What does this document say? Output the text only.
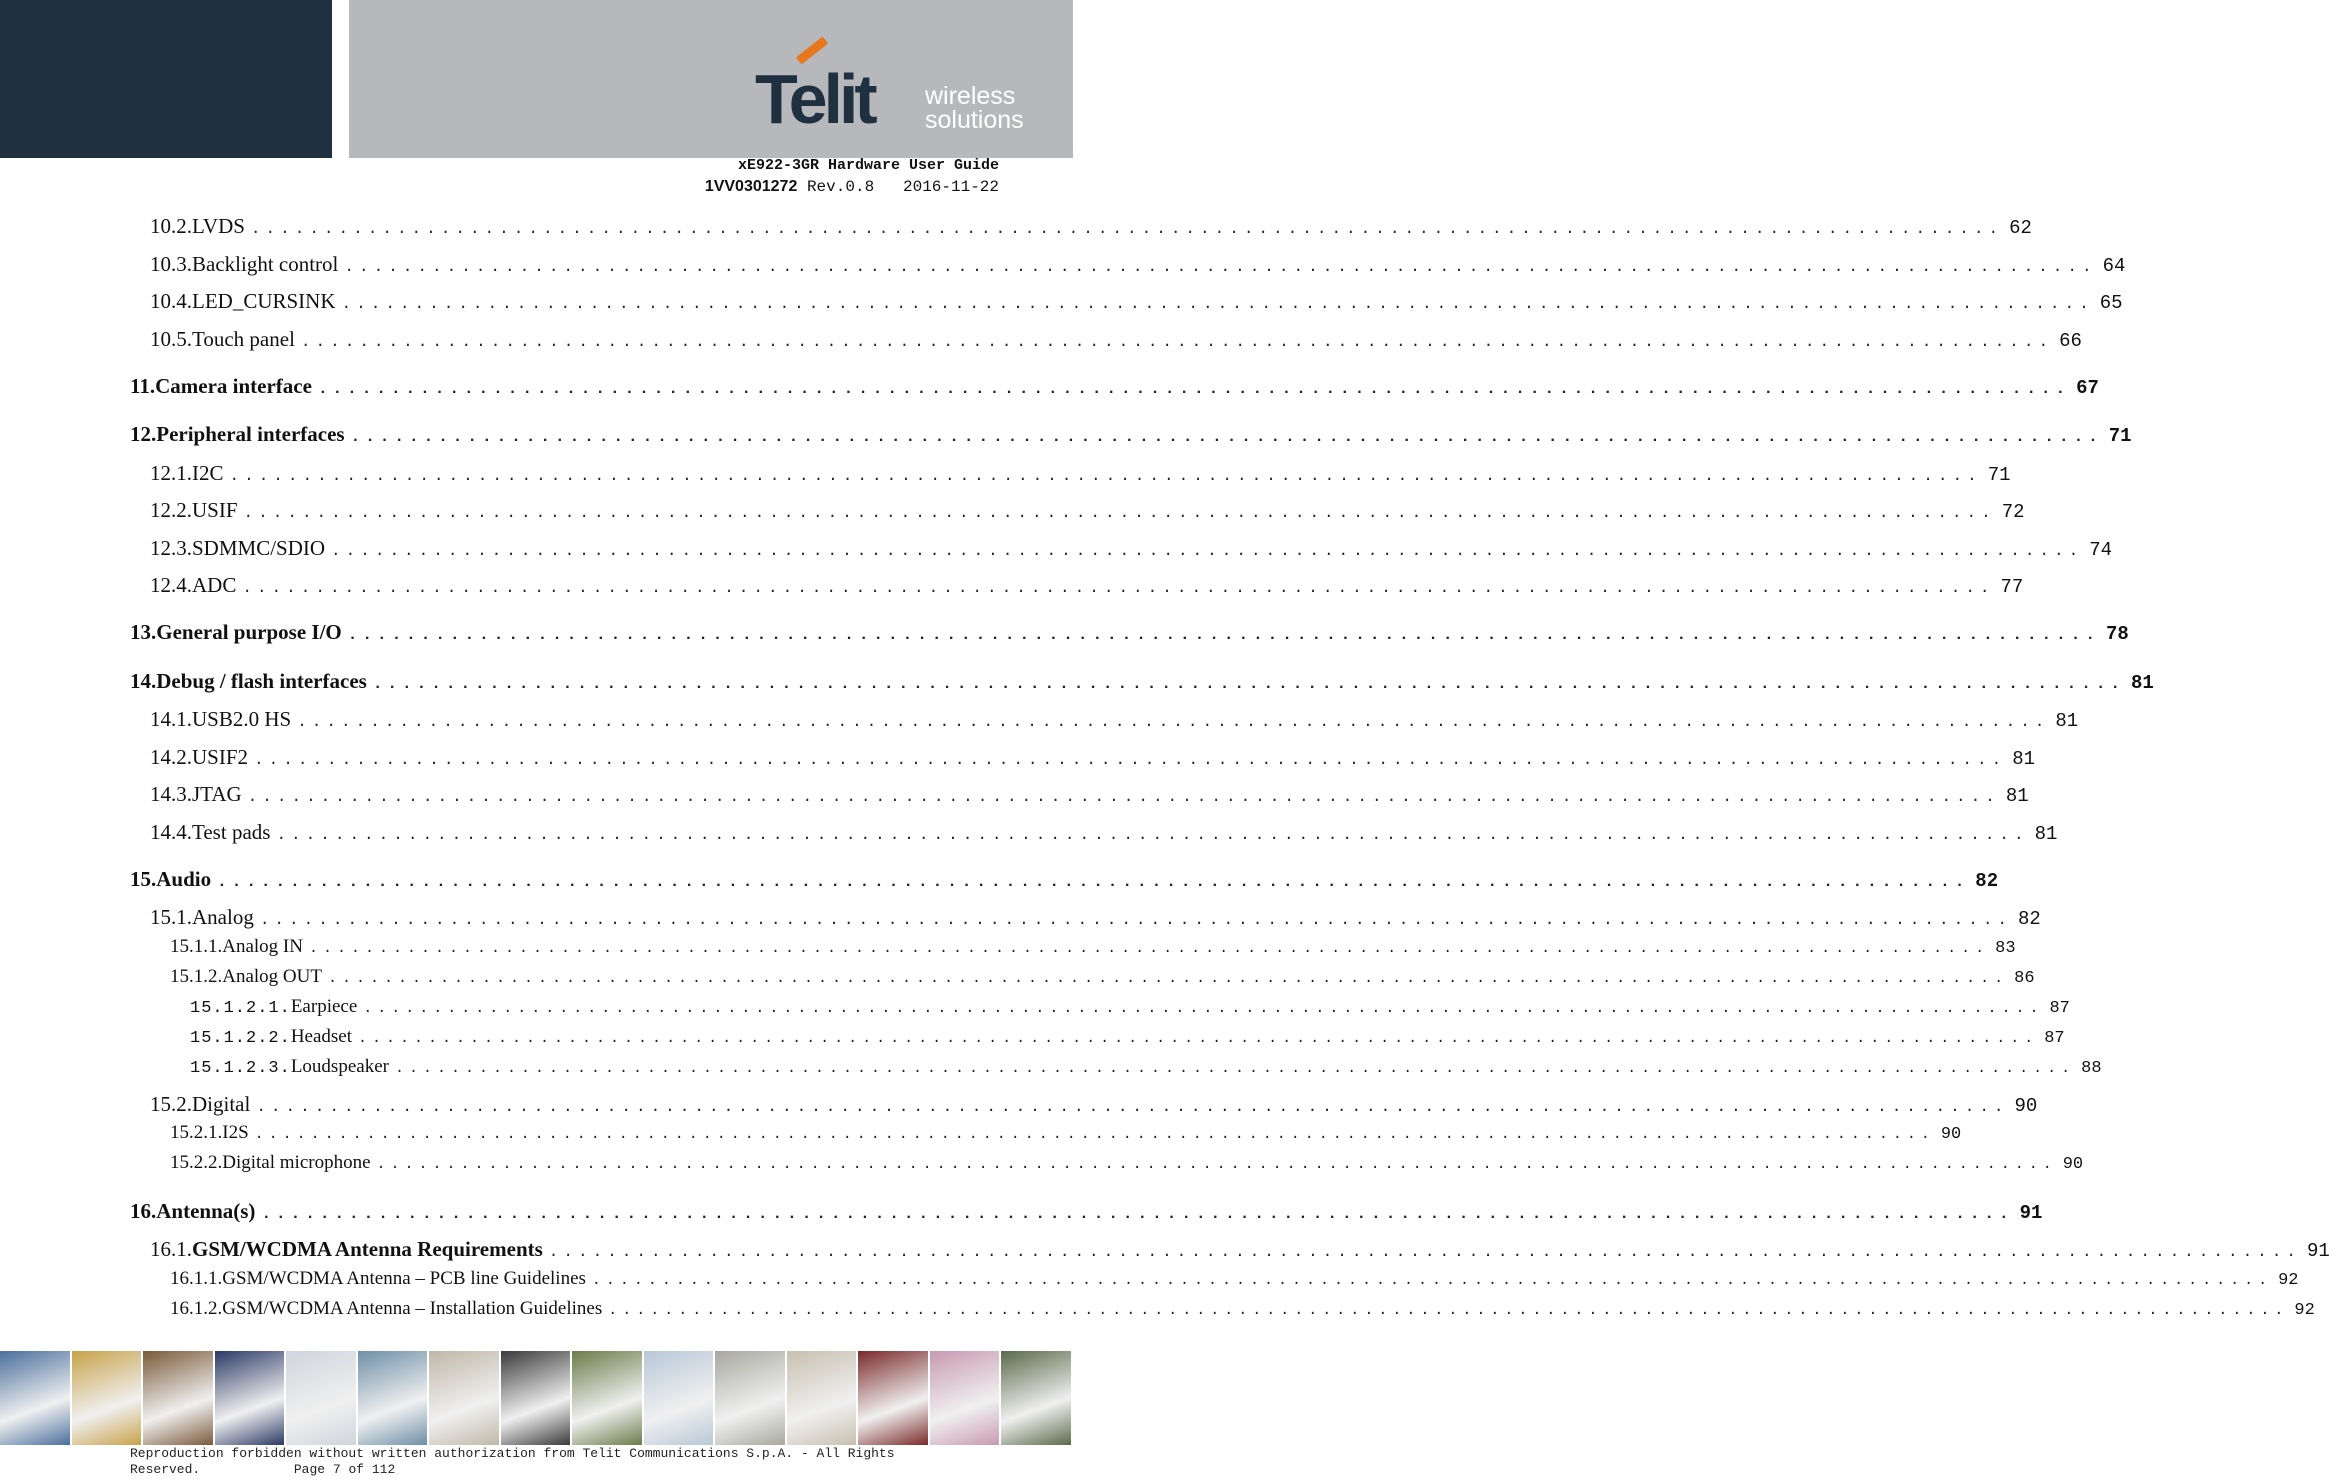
Telit wireless
solutions
xE922-3GR Hardware User Guide
1VV0301272 Rev.0.8 2016-11-22
10.2. LVDS ........................................................................................................................ 62
10.3. Backlight control ........................................................................................................................ 64
10.4. LED_CURSINK ........................................................................................................................ 65
10.5. Touch panel ........................................................................................................................ 66
11. Camera interface ........................................................................................................................ 67
12. Peripheral interfaces ........................................................................................................................ 71
12.1. I2C ........................................................................................................................ 71
12.2. USIF ........................................................................................................................ 72
12.3. SDMMC/SDIO ........................................................................................................................ 74
12.4. ADC ........................................................................................................................ 77
13. General purpose I/O ........................................................................................................................ 78
14. Debug / flash interfaces ........................................................................................................................ 81
14.1. USB2.0 HS ........................................................................................................................ 81
14.2. USIF2 ........................................................................................................................ 81
14.3. JTAG ........................................................................................................................ 81
14.4. Test pads ........................................................................................................................ 81
15. Audio ........................................................................................................................ 82
15.1. Analog ........................................................................................................................ 82
15.1.1. Analog IN ........................................................................................................................ 83
15.1.2. Analog OUT ........................................................................................................................ 86
15.1.2.1. Earpiece ........................................................................................................................ 87
15.1.2.2. Headset ........................................................................................................................ 87
15.1.2.3. Loudspeaker ........................................................................................................................ 88
15.2. Digital ........................................................................................................................ 90
15.2.1. I2S ........................................................................................................................ 90
15.2.2. Digital microphone ........................................................................................................................ 90
16. Antenna(s) ........................................................................................................................ 91
16.1. GSM/WCDMA Antenna Requirements ........................................................................................................................ 91
16.1.1. GSM/WCDMA Antenna – PCB line Guidelines ........................................................................................................................ 92
16.1.2. GSM/WCDMA Antenna – Installation Guidelines ........................................................................................................................ 92
Reproduction forbidden without written authorization from Telit Communications S.p.A. - All Rights
Reserved.	Page 7 of 112
